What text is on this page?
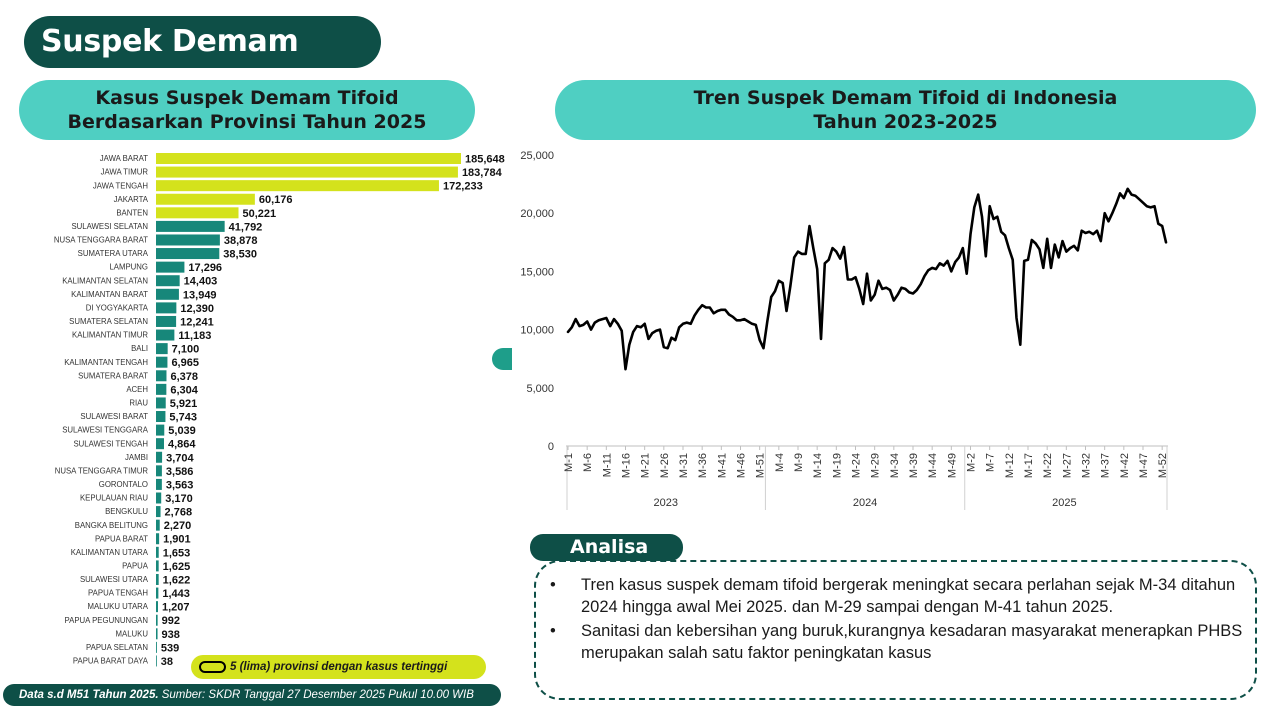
Suspek Demam
Kasus Suspek Demam Tifoid
Berdasarkan Provinsi Tahun 2025
Tren Suspek Demam Tifoid di Indonesia
Tahun 2023-2025
JAWA BARAT	185,648
JAWA TIMUR	183,784
JAWA TENGAH	172,233
JAKARTA	60,176
BANTEN	50,221
SULAWESI SELATAN	41,792
NUSA TENGGARA BARAT	38,878
SUMATERA UTARA	38,530
LAMPUNG	17,296
KALIMANTAN SELATAN	14,403
KALIMANTAN BARAT	13,949
DI YOGYAKARTA	12,390
SUMATERA SELATAN	12,241
KALIMANTAN TIMUR	11,183
BALI 7,100
KALIMANTAN TENGAH 6,965
SUMATERA BARAT 6,378
ACEH 6,304
RIAU 5,921
SULAWESI BARAT 5,743
SULAWESI TENGGARA 5,039
SULAWESI TENGAH 4,864
JAMBI 3,704
NUSA TENGGARA TIMUR 3,586
GORONTALO 3,563
KEPULAUAN RIAU 3,170
BENGKULU 2,768
BANGKA BELITUNG 2,270
PAPUA BARAT 1,901
KALIMANTAN UTARA 1,653
PAPUA 1,625
SULAWESI UTARA 1,622
PAPUA TENGAH 1,443
MALUKU UTARA 1,207
PAPUA PEGUNUNGAN 992
MALUKU 938
PAPUA SELATAN 539
PAPUA BARAT DAYA 38
0
5,000
10,000
15,000
20,000
25,000
2023	2024	2025
M-1 M-6 M-11 M-16 M-21 M-26 M-31 M-36 M-41 M-46 M-51 M-4 M-9 M-14 M-19 M-24 M-29 M-34 M-39 M-44 M-49 M-2 M-7 M-12 M-17 M-22 M-27 M-32 M-37 M-42 M-47 M-52
5 (lima) provinsi dengan kasus tertinggi
Data s.d M51 Tahun 2025. Sumber: SKDR Tanggal 27 Desember 2025 Pukul 10.00 WIB
Analisa
• Tren kasus suspek demam tifoid bergerak meningkat secara perlahan sejak M-34 ditahun 2024 hingga awal Mei 2025. dan M-29 sampai dengan M-41 tahun 2025.
• Sanitasi dan kebersihan yang buruk,kurangnya kesadaran masyarakat menerapkan PHBS merupakan salah satu faktor peningkatan kasus
